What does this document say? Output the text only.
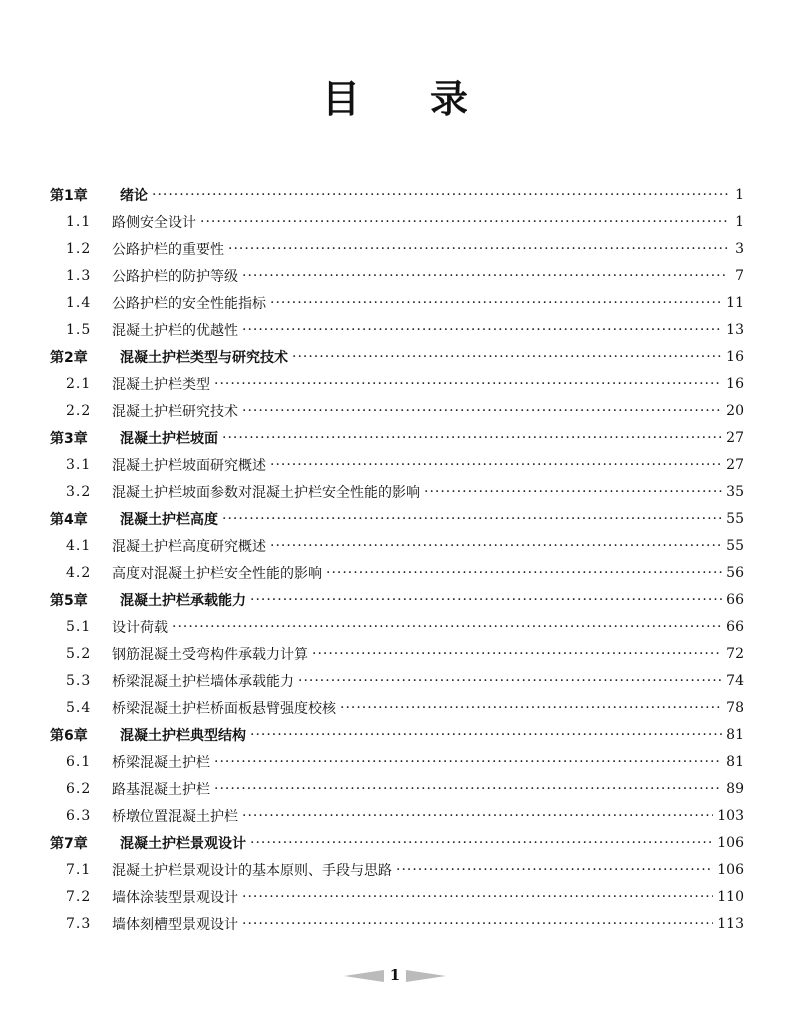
目 录
第1章	绪论 ·····	1
1.1	路侧安全设计 ·····	1
1.2	公路护栏的重要性 ·····	3
1.3	公路护栏的防护等级 ·····	7
1.4	公路护栏的安全性能指标 ·····	11
1.5	混凝土护栏的优越性 ·····	13
第2章	混凝土护栏类型与研究技术 ·····	16
2.1	混凝土护栏类型 ·····	16
2.2	混凝土护栏研究技术 ·····	20
第3章	混凝土护栏坡面 ·····	27
3.1	混凝土护栏坡面研究概述 ·····	27
3.2	混凝土护栏坡面参数对混凝土护栏安全性能的影响 ·····	35
第4章	混凝土护栏高度 ·····	55
4.1	混凝土护栏高度研究概述 ·····	55
4.2	高度对混凝土护栏安全性能的影响 ·····	56
第5章	混凝土护栏承载能力 ·····	66
5.1	设计荷载 ·····	66
5.2	钢筋混凝土受弯构件承载力计算 ·····	72
5.3	桥梁混凝土护栏墙体承载能力 ·····	74
5.4	桥梁混凝土护栏桥面板悬臂强度校核 ·····	78
第6章	混凝土护栏典型结构 ·····	81
6.1	桥梁混凝土护栏 ·····	81
6.2	路基混凝土护栏 ·····	89
6.3	桥墩位置混凝土护栏 ·····	103
第7章	混凝土护栏景观设计 ·····	106
7.1	混凝土护栏景观设计的基本原则、手段与思路 ·····	106
7.2	墙体涂装型景观设计 ·····	110
7.3	墙体刻槽型景观设计 ·····	113
1
